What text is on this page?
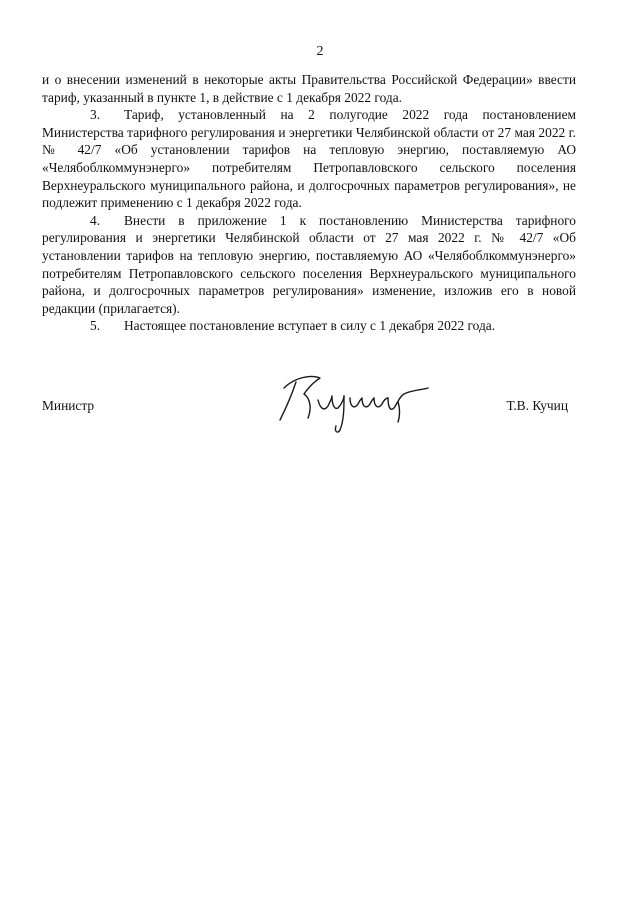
2

и о внесении изменений в некоторые акты Правительства Российской Федерации» ввести тариф, указанный в пункте 1, в действие с 1 декабря 2022 года.

3. Тариф, установленный на 2 полугодие 2022 года постановлением Министерства тарифного регулирования и энергетики Челябинской области от 27 мая 2022 г. № 42/7 «Об установлении тарифов на тепловую энергию, поставляемую АО «Челябоблкоммунэнерго» потребителям Петропавловского сельского поселения Верхнеуральского муниципального района, и долгосрочных параметров регулирования», не подлежит применению с 1 декабря 2022 года.

4. Внести в приложение 1 к постановлению Министерства тарифного регулирования и энергетики Челябинской области от 27 мая 2022 г. № 42/7 «Об установлении тарифов на тепловую энергию, поставляемую АО «Челябоблкоммунэнерго» потребителям Петропавловского сельского поселения Верхнеуральского муниципального района, и долгосрочных параметров регулирования» изменение, изложив его в новой редакции (прилагается).

5. Настоящее постановление вступает в силу с 1 декабря 2022 года.

Министр	Т.В. Кучиц
